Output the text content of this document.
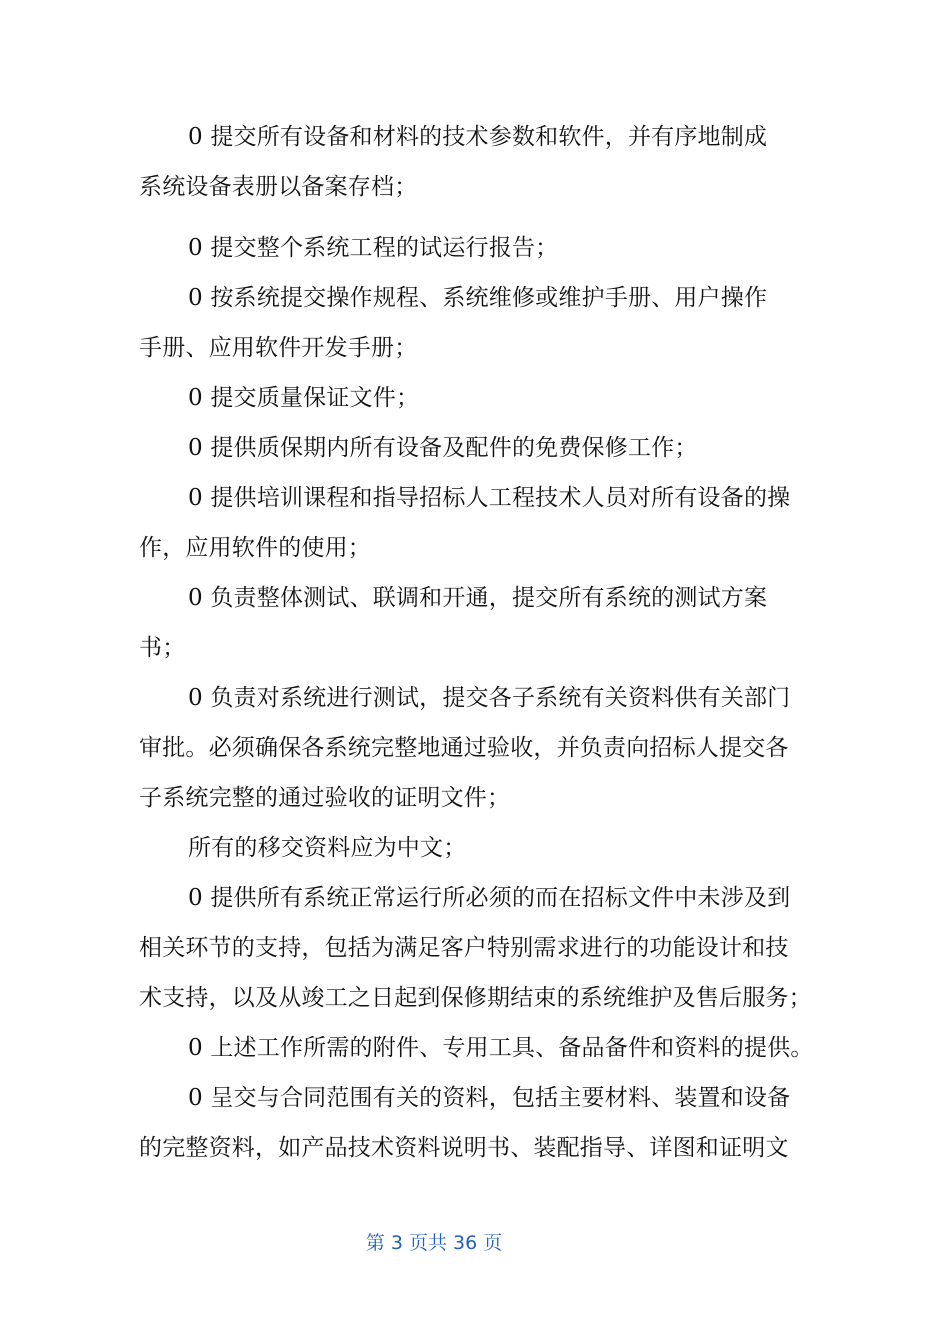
0 提交所有设备和材料的技术参数和软件，并有序地制成
系统设备表册以备案存档；
0 提交整个系统工程的试运行报告；
0 按系统提交操作规程、系统维修或维护手册、用户操作
手册、应用软件开发手册；
0 提交质量保证文件；
0 提供质保期内所有设备及配件的免费保修工作；
0 提供培训课程和指导招标人工程技术人员对所有设备的操
作，应用软件的使用；
0 负责整体测试、联调和开通，提交所有系统的测试方案
书；
0 负责对系统进行测试，提交各子系统有关资料供有关部门
审批。必须确保各系统完整地通过验收，并负责向招标人提交各
子系统完整的通过验收的证明文件；
所有的移交资料应为中文；
0 提供所有系统正常运行所必须的而在招标文件中未涉及到
相关环节的支持，包括为满足客户特别需求进行的功能设计和技
术支持，以及从竣工之日起到保修期结束的系统维护及售后服务；
0 上述工作所需的附件、专用工具、备品备件和资料的提供。
0 呈交与合同范围有关的资料，包括主要材料、装置和设备
的完整资料，如产品技术资料说明书、装配指导、详图和证明文
第 3 页共 36 页
